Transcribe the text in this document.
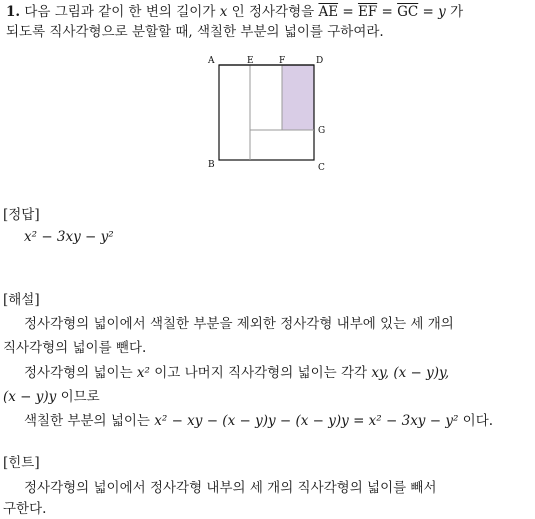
1. 다음 그림과 같이 한 변의 길이가 x 인 정사각형을 $\overline{AE} = \overline{EF} = \overline{GC} = y$ 가
되도록 직사각형으로 분할할 때, 색칠한 부분의 넓이를 구하여라.
A	E	F	D
G
B	C
[정답]
x² − 3xy − y²
[해설]
정사각형의 넓이에서 색칠한 부분을 제외한 정사각형 내부에 있는 세 개의
직사각형의 넓이를 뺀다.
정사각형의 넓이는 x² 이고 나머지 직사각형의 넓이는 각각 xy, (x − y)y,
(x − y)y 이므로
색칠한 부분의 넓이는 x² − xy − (x − y)y − (x − y)y = x² − 3xy − y² 이다.
[힌트]
정사각형의 넓이에서 정사각형 내부의 세 개의 직사각형의 넓이를 빼서
구한다.
